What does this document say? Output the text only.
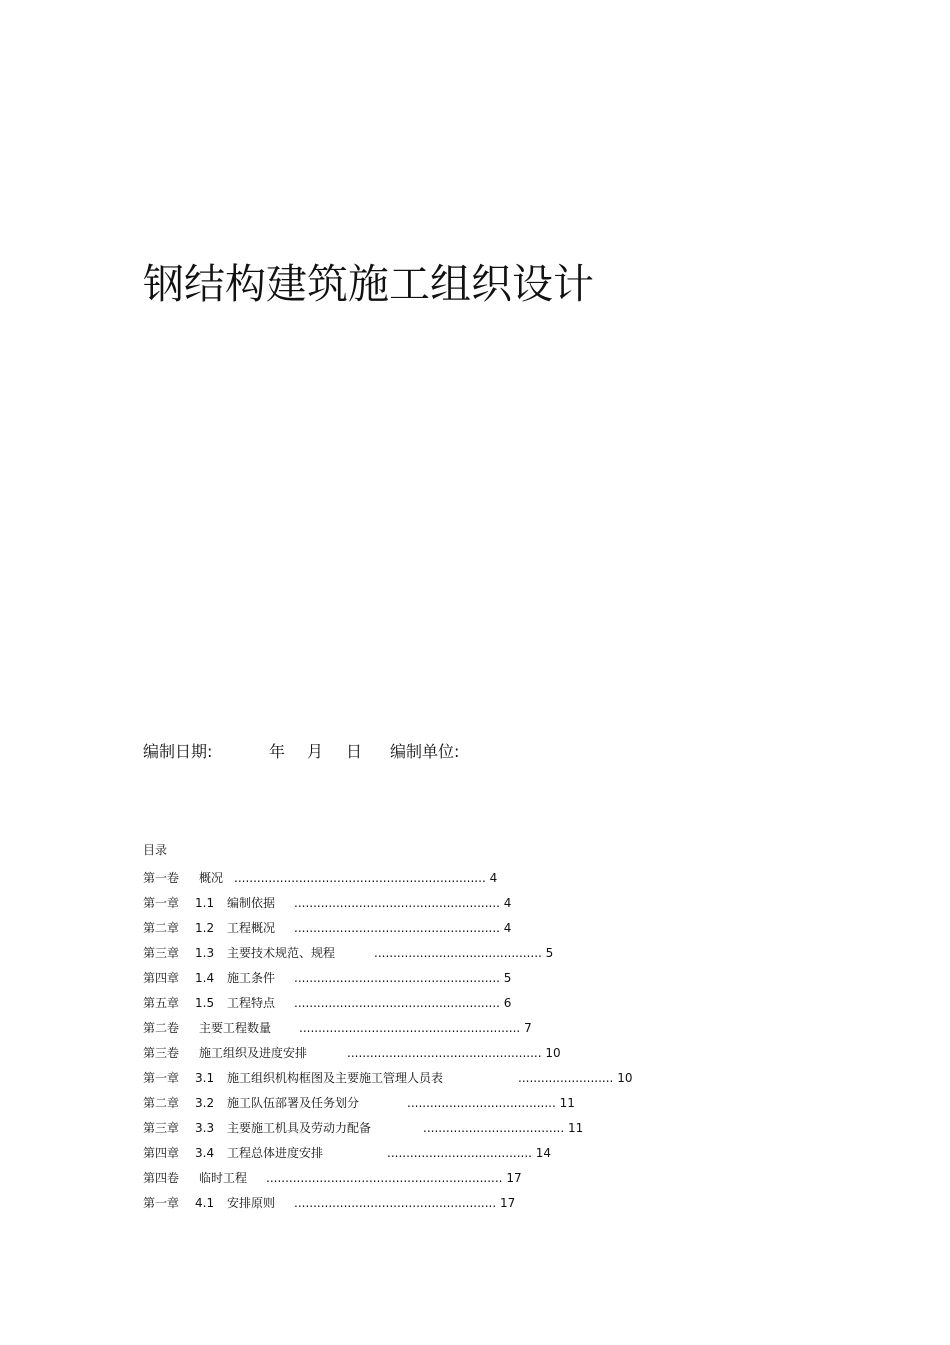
钢结构建筑施工组织设计
编制日期:	年 月 日 编制单位:
目录
第一卷 概况 .................................................................. 4
第一章 1.1 编制依据 ...................................................... 4
第二章 1.2 工程概况 ...................................................... 4
第三章 1.3 主要技术规范、规程	............................................ 5
第四章 1.4 施工条件 ...................................................... 5
第五章 1.5 工程特点 ...................................................... 6
第二卷 主要工程数量 .......................................................... 7
第三卷 施工组织及进度安排	................................................... 10
第一章 3.1 施工组织机构框图及主要施工管理人员表	......................... 10
第二章 3.2 施工队伍部署及任务划分	....................................... 11
第三章 3.3 主要施工机具及劳动力配备	..................................... 11
第四章 3.4 工程总体进度安排	...................................... 14
第四卷 临时工程 .............................................................. 17
第一章 4.1 安排原则 ..................................................... 17
